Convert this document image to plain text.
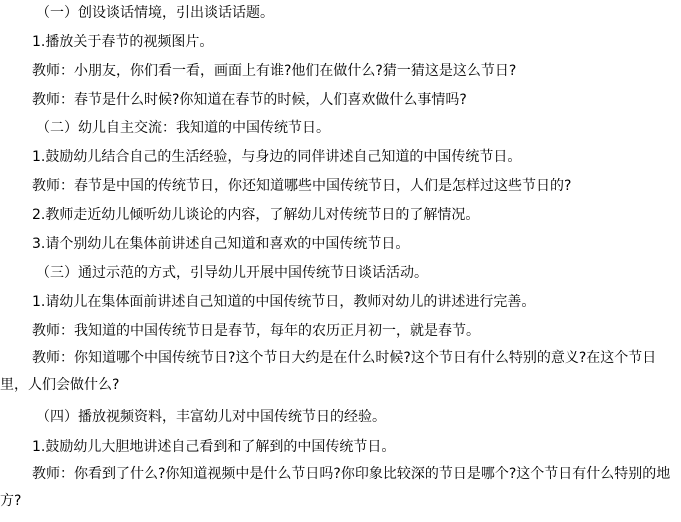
（一）创设谈话情境，引出谈话话题。
1.播放关于春节的视频图片。
教师：小朋友，你们看一看，画面上有谁?他们在做什么?猜一猜这是这么节日?
教师：春节是什么时候?你知道在春节的时候，人们喜欢做什么事情吗?
（二）幼儿自主交流：我知道的中国传统节日。
1.鼓励幼儿结合自己的生活经验，与身边的同伴讲述自己知道的中国传统节日。
教师：春节是中国的传统节日，你还知道哪些中国传统节日，人们是怎样过这些节日的?
2.教师走近幼儿倾听幼儿谈论的内容，了解幼儿对传统节日的了解情况。
3.请个别幼儿在集体前讲述自己知道和喜欢的中国传统节日。
（三）通过示范的方式，引导幼儿开展中国传统节日谈话活动。
1.请幼儿在集体面前讲述自己知道的中国传统节日，教师对幼儿的讲述进行完善。
教师：我知道的中国传统节日是春节，每年的农历正月初一，就是春节。
教师：你知道哪个中国传统节日?这个节日大约是在什么时候?这个节日有什么特别的意义?在这个节日里，人们会做什么?
（四）播放视频资料，丰富幼儿对中国传统节日的经验。
1.鼓励幼儿大胆地讲述自己看到和了解到的中国传统节日。
教师：你看到了什么?你知道视频中是什么节日吗?你印象比较深的节日是哪个?这个节日有什么特别的地方?
